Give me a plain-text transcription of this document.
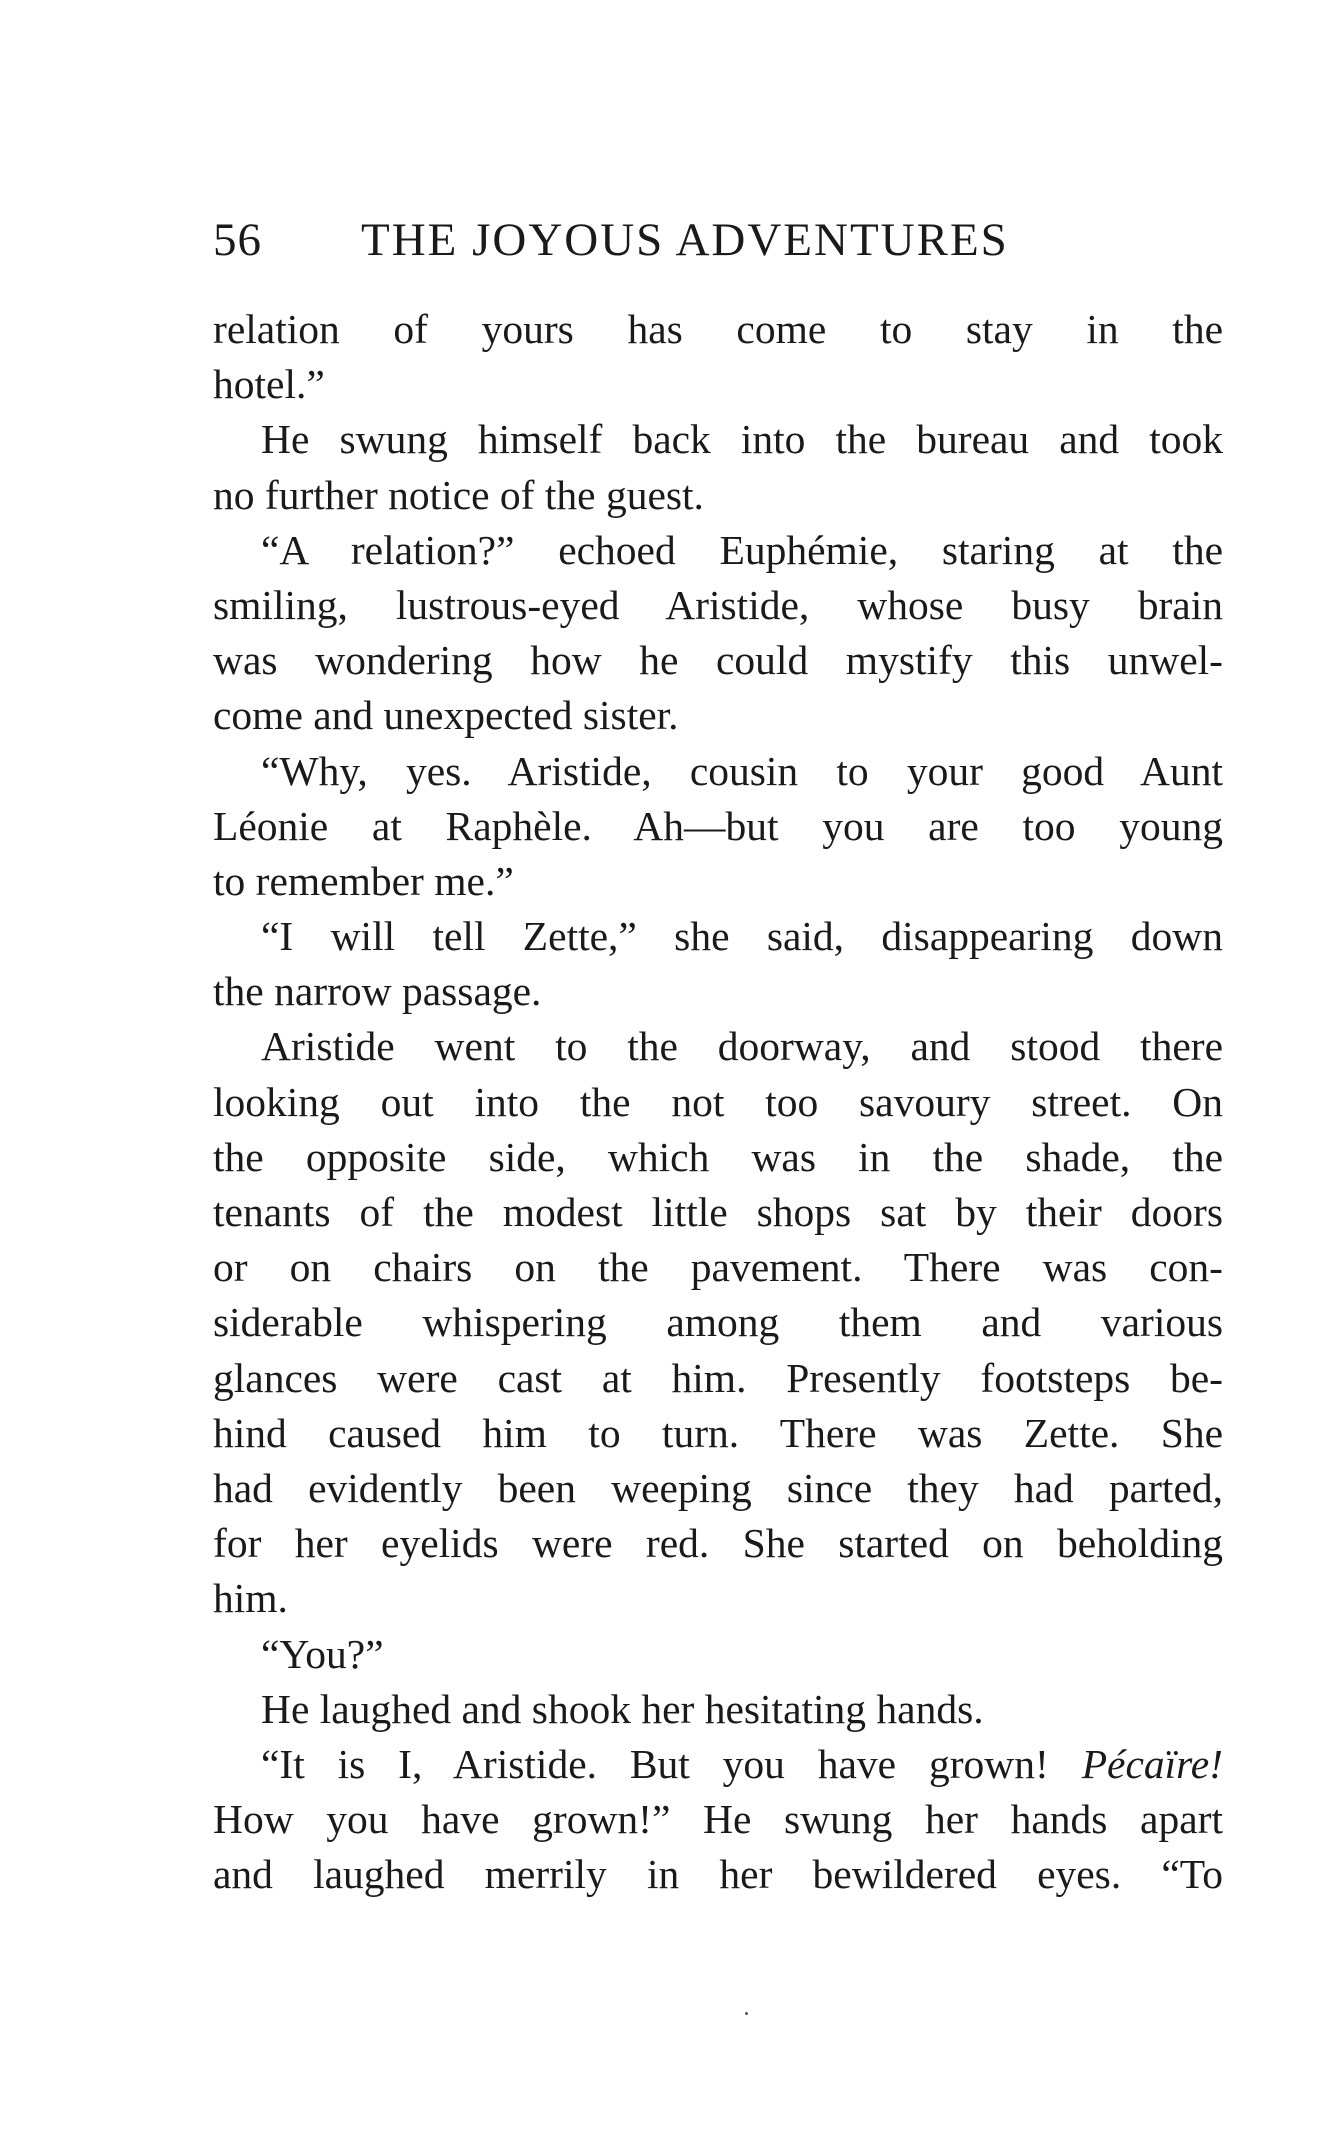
56 THE JOYOUS ADVENTURES
relation of yours has come to stay in the
hotel.”
He swung himself back into the bureau and took
no further notice of the guest.
“A relation?” echoed Euphémie, staring at the
smiling, lustrous-eyed Aristide, whose busy brain
was wondering how he could mystify this unwel-
come and unexpected sister.
“Why, yes. Aristide, cousin to your good Aunt
Léonie at Raphèle. Ah—but you are too young
to remember me.”
“I will tell Zette,” she said, disappearing down
the narrow passage.
Aristide went to the doorway, and stood there
looking out into the not too savoury street. On
the opposite side, which was in the shade, the
tenants of the modest little shops sat by their doors
or on chairs on the pavement. There was con-
siderable whispering among them and various
glances were cast at him. Presently footsteps be-
hind caused him to turn. There was Zette. She
had evidently been weeping since they had parted,
for her eyelids were red. She started on beholding
him.
“You?”
He laughed and shook her hesitating hands.
“It is I, Aristide. But you have grown! Pécaïre!
How you have grown!” He swung her hands apart
and laughed merrily in her bewildered eyes. “To
